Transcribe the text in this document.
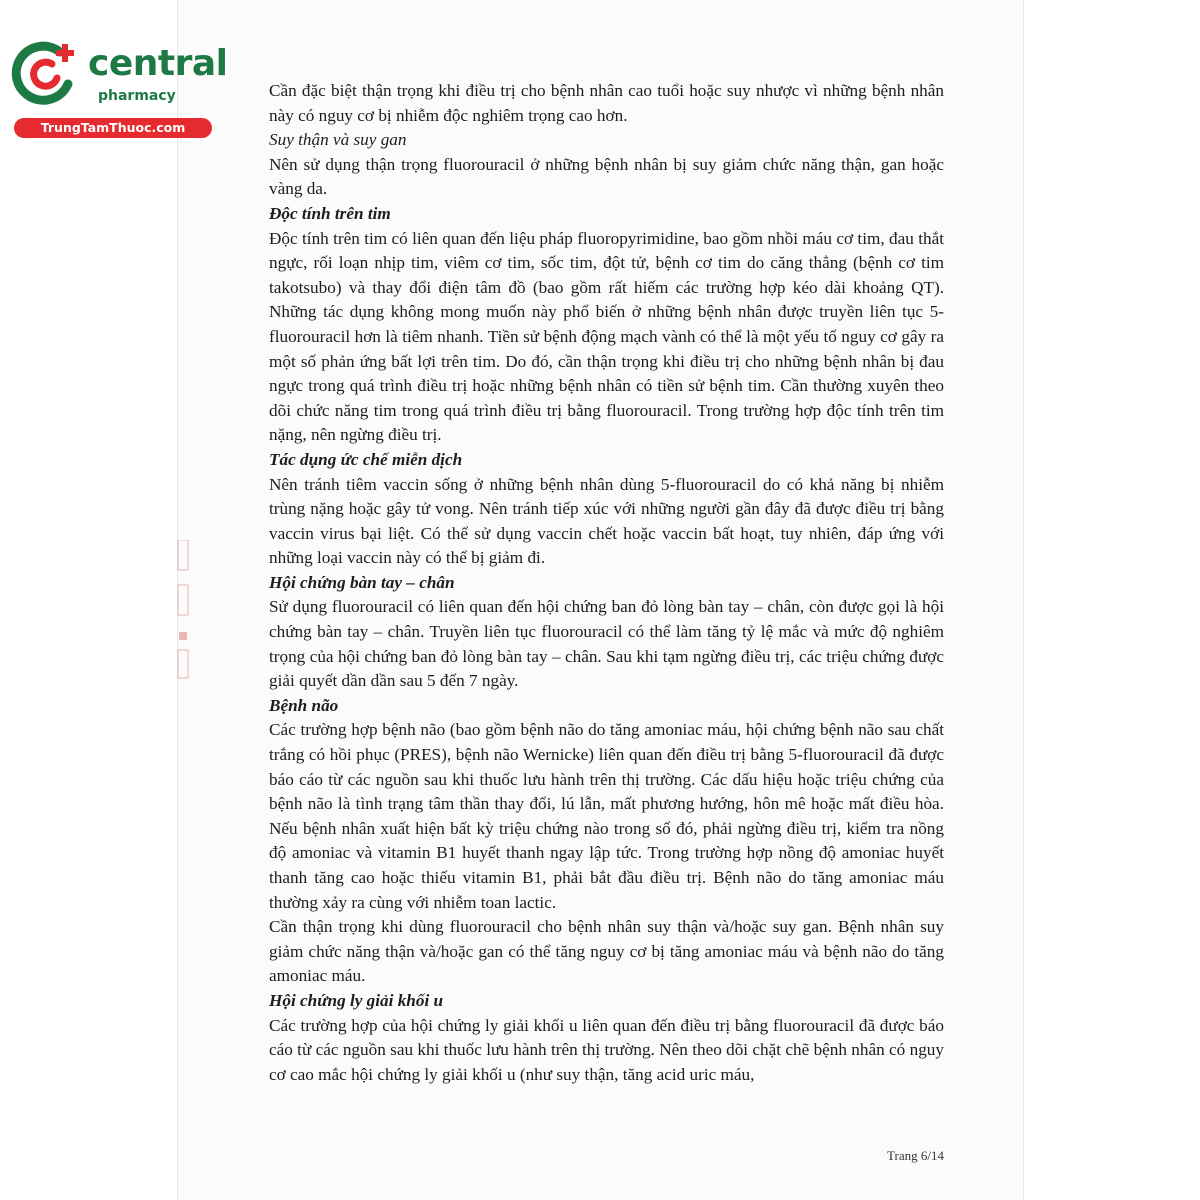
central
pharmacy
TrungTamThuoc.com

Cần đặc biệt thận trọng khi điều trị cho bệnh nhân cao tuổi hoặc suy nhược vì những bệnh nhân này có nguy cơ bị nhiễm độc nghiêm trọng cao hơn.

Suy thận và suy gan

Nên sử dụng thận trọng fluorouracil ở những bệnh nhân bị suy giảm chức năng thận, gan hoặc vàng da.

Độc tính trên tim

Độc tính trên tim có liên quan đến liệu pháp fluoropyrimidine, bao gồm nhồi máu cơ tim, đau thắt ngực, rối loạn nhịp tim, viêm cơ tim, sốc tim, đột tử, bệnh cơ tim do căng thẳng (bệnh cơ tim takotsubo) và thay đổi điện tâm đồ (bao gồm rất hiếm các trường hợp kéo dài khoảng QT). Những tác dụng không mong muốn này phổ biến ở những bệnh nhân được truyền liên tục 5-fluorouracil hơn là tiêm nhanh. Tiền sử bệnh động mạch vành có thể là một yếu tố nguy cơ gây ra một số phản ứng bất lợi trên tim. Do đó, cần thận trọng khi điều trị cho những bệnh nhân bị đau ngực trong quá trình điều trị hoặc những bệnh nhân có tiền sử bệnh tim. Cần thường xuyên theo dõi chức năng tim trong quá trình điều trị bằng fluorouracil. Trong trường hợp độc tính trên tim nặng, nên ngừng điều trị.

Tác dụng ức chế miễn dịch

Nên tránh tiêm vaccin sống ở những bệnh nhân dùng 5-fluorouracil do có khả năng bị nhiễm trùng nặng hoặc gây tử vong. Nên tránh tiếp xúc với những người gần đây đã được điều trị bằng vaccin virus bại liệt. Có thể sử dụng vaccin chết hoặc vaccin bất hoạt, tuy nhiên, đáp ứng với những loại vaccin này có thể bị giảm đi.

Hội chứng bàn tay – chân

Sử dụng fluorouracil có liên quan đến hội chứng ban đỏ lòng bàn tay – chân, còn được gọi là hội chứng bàn tay – chân. Truyền liên tục fluorouracil có thể làm tăng tỷ lệ mắc và mức độ nghiêm trọng của hội chứng ban đỏ lòng bàn tay – chân. Sau khi tạm ngừng điều trị, các triệu chứng được giải quyết dần dần sau 5 đến 7 ngày.

Bệnh não

Các trường hợp bệnh não (bao gồm bệnh não do tăng amoniac máu, hội chứng bệnh não sau chất trắng có hồi phục (PRES), bệnh não Wernicke) liên quan đến điều trị bằng 5-fluorouracil đã được báo cáo từ các nguồn sau khi thuốc lưu hành trên thị trường. Các dấu hiệu hoặc triệu chứng của bệnh não là tình trạng tâm thần thay đổi, lú lẫn, mất phương hướng, hôn mê hoặc mất điều hòa. Nếu bệnh nhân xuất hiện bất kỳ triệu chứng nào trong số đó, phải ngừng điều trị, kiểm tra nồng độ amoniac và vitamin B1 huyết thanh ngay lập tức. Trong trường hợp nồng độ amoniac huyết thanh tăng cao hoặc thiếu vitamin B1, phải bắt đầu điều trị. Bệnh não do tăng amoniac máu thường xảy ra cùng với nhiễm toan lactic.

Cần thận trọng khi dùng fluorouracil cho bệnh nhân suy thận và/hoặc suy gan. Bệnh nhân suy giảm chức năng thận và/hoặc gan có thể tăng nguy cơ bị tăng amoniac máu và bệnh não do tăng amoniac máu.

Hội chứng ly giải khối u

Các trường hợp của hội chứng ly giải khối u liên quan đến điều trị bằng fluorouracil đã được báo cáo từ các nguồn sau khi thuốc lưu hành trên thị trường. Nên theo dõi chặt chẽ bệnh nhân có nguy cơ cao mắc hội chứng ly giải khối u (như suy thận, tăng acid uric máu,

Trang 6/14
